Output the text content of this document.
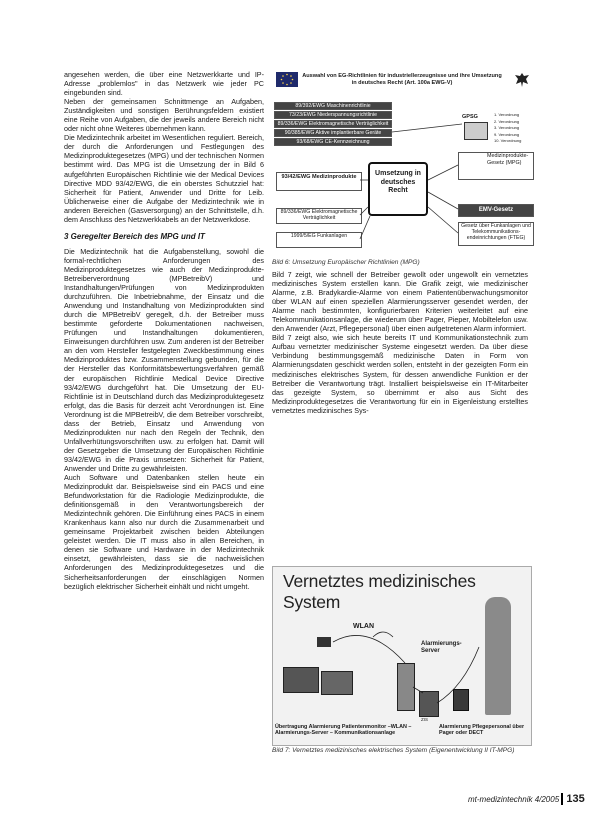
angesehen werden, die über eine Netzwerkkarte und IP-Adresse „problemlos" in das Netzwerk wie jeder PC eingebunden sind.

Neben der gemeinsamen Schnittmenge an Aufgaben, Zuständigkeiten und sonstigen Berührungsfeldern existiert eine Reihe von Aufgaben, die der jeweils andere Bereich nicht oder nicht ohne Weiteres übernehmen kann.

Die Medizintechnik arbeitet im Wesentlichen reguliert. Bereich, der durch die Anforderungen und Festlegungen des Medizinproduktegesetzes (MPG) und der technischen Normen bestimmt wird. Das MPG ist die Umsetzung der in Bild 6 aufgeführten Europäischen Richtlinie wie der Medical Devices Directive MDD 93/42/EWG, die ein oberstes Schutzziel hat: Sicherheit für Patient, Anwender und Dritte for Leib. Üblicherweise einer die Aufgabe der Medizintechnik wie in anderen Bereichen (Gasversorgung) an der Schnittstelle, d.h. dem Anschluss des Netzwerkkabels an der Netzwerkdose.

3 Geregelter Bereich des MPG und IT

Die Medizintechnik hat die Aufgabenstellung, sowohl die formal-rechtlichen Anforderungen des Medizinproduktegesetzes wie auch der Medizinprodukte-Betreiberverordnung (MPBetreibV) und Instandhaltungen/Prüfungen von Medizinprodukten durchzuführen. Die Inbetriebnahme, der Einsatz und die Anwendung und Instandhaltung von Medizinprodukten sind durch die MPBetreibV geregelt, d.h. der Betreiber muss bestimmte geforderte Dokumentationen nachweisen, Prüfungen und Instandhaltungen dokumentieren, Einweisungen durchführen usw. Zum anderen ist der Betreiber an den vom Hersteller festgelegten Zweckbestimmung eines Medizinproduktes bzw. Zusammenstellung gebunden, für die der Hersteller das Konformitätsbewertungsverfahren gemäß der europäischen Richtlinie Medical Device Directive 93/42/EWG durchgeführt hat. Die Umsetzung der EU-Richtlinie ist in Deutschland durch das Medizinproduktegesetz erfolgt, das die Basis für derzeit acht Verordnungen ist. Eine Verordnung ist die MPBetreibV, die dem Betreiber vorschreibt, dass der Betrieb, Einsatz und Anwendung von Medizinprodukten nur nach den Regeln der Technik, den Unfallverhütungsvorschriften usw. zu erfolgen hat. Damit will der Gesetzgeber die Umsetzung der Europäischen Richtlinie 93/42/EWG in die Praxis umsetzen: Sicherheit für Patient, Anwender und Dritte zu gewährleisten.

Auch Software und Datenbanken stellen heute ein Medizinprodukt dar. Beispielsweise sind ein PACS und eine Befundworkstation für die Radiologie Medizinprodukte, die definitionsgemäß in den Verantwortungsbereich der Medizintechnik gehören. Die Einführung eines PACS in einem Krankenhaus kann also nur durch die Zusammenarbeit und gemeinsame Projektarbeit zwischen beiden Abteilungen geleistet werden. Die IT muss also in allen Bereichen, in denen sie Software und Hardware in der Medizintechnik einsetzt, gewährleisten, dass sie die nachweislichen Anforderungen des Medizinproduktegesetzes und die Sicherheitsanforderungen der einschlägigen Normen bezüglich elektrischer Sicherheit einhält und nicht umgeht.

Auswahl von EG-Richtlinien für industriellerzeugnisse und ihre Umsetzung in deutsches Recht (Art. 100a EWG-V)
89/392/EWG Maschinenrichtlinie
73/23/EWG Niederspannungsrichtlinie
89/336/EWG Elektromagnetische Verträglichkeit
90/385/EWG Aktive implantierbare Geräte
93/68/EWG CE-Kennzeichnung
GPSG	1. Verordnung
2. Verordnung
3. Verordnung
9. Verordnung
10. Verordnung
93/42/EWG Medizinprodukte
89/336/EWG Elektromagnetische Verträglichkeit
1999/5/EG Funkanlagen
Umsetzung in deutsches Recht
Medizinprodukte-Gesetz (MPG)
EMV-Gesetz
Gesetz über Funkanlagen und Telekommunikations-endeinrichtungen (FTEG)
Bild 6: Umsetzung Europäischer Richtlinien (MPG)

Bild 7 zeigt, wie schnell der Betreiber gewollt oder ungewollt ein vernetztes medizinisches System erstellen kann. Die Grafik zeigt, wie medizinischer Alarme, z.B. Bradykardie-Alarme von einem Patientenüberwachungsmonitor über WLAN auf einen speziellen Alarmierungsserver gesendet werden, der Alarme nach bestimmten, konfigurierbaren Kriterien weiterleitet auf eine Telekommunikationsanlage, die wiederum über Pager, Pieper, Mobiltelefon usw. den Anwender (Arzt, Pflegepersonal) über einen aufgetretenen Alarm informiert.

Bild 7 zeigt also, wie sich heute bereits IT und Kommunikationstechnik zum Aufbau vernetzter medizinischer Systeme eingesetzt werden. Da über diese Verbindung bestimmungsgemäß medizinische Daten in Form von Alarmierungsdaten geschickt werden sollen, entsteht in der gezeigten Form ein medizinisches elektrisches System, für dessen anwendliche Funktion er der Betreiber die Verantwortung trägt. Installiert beispielsweise ein IT-Mitarbeiter das gezeigte System, so übernimmt er also aus Sicht des Medizinproduktegesetzes die Verantwortung für ein in Eigenleistung erstelltes vernetztes medizinisches Sys-

Vernetztes medizinisches System
WLAN
Alarmierungs-Server
ZIS
Übertragung Alarmierung Patientenmonitor –WLAN – Alarmierungs-Server – Kommunikationsanlage
Alarmierung Pflegepersonal über Pager oder DECT
Bild 7: Vernetztes medizinisches elektrisches System (Eigenentwicklung II IT-MPG)
mt-medizintechnik 4/2005 135
